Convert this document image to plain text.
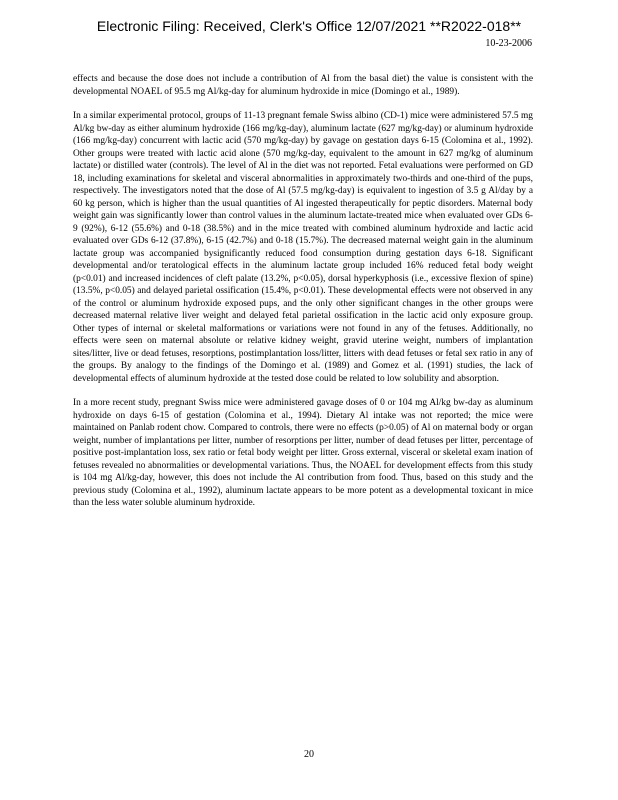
Electronic Filing: Received, Clerk's Office 12/07/2021 **R2022-018**
10-23-2006

effects and because the dose does not include a contribution of Al from the basal diet) the value is consistent with the developmental NOAEL of 95.5 mg Al/kg-day for aluminum hydroxide in mice (Domingo et al., 1989).

In a similar experimental protocol, groups of 11-13 pregnant female Swiss albino (CD-1) mice were administered 57.5 mg Al/kg bw-day as either aluminum hydroxide (166 mg/kg-day), aluminum lactate (627 mg/kg-day) or aluminum hydroxide (166 mg/kg-day) concurrent with lactic acid (570 mg/kg-day) by gavage on gestation days 6-15 (Colomina et al., 1992). Other groups were treated with lactic acid alone (570 mg/kg-day, equivalent to the amount in 627 mg/kg of aluminum lactate) or distilled water (controls). The level of Al in the diet was not reported. Fetal evaluations were performed on GD 18, including examinations for skeletal and visceral abnormalities in approximately two-thirds and one-third of the pups, respectively. The investigators noted that the dose of Al (57.5 mg/kg-day) is equivalent to ingestion of 3.5 g Al/day by a 60 kg person, which is higher than the usual quantities of Al ingested therapeutically for peptic disorders. Maternal body weight gain was significantly lower than control values in the aluminum lactate-treated mice when evaluated over GDs 6-9 (92%), 6-12 (55.6%) and 0-18 (38.5%) and in the mice treated with combined aluminum hydroxide and lactic acid evaluated over GDs 6-12 (37.8%), 6-15 (42.7%) and 0-18 (15.7%). The decreased maternal weight gain in the aluminum lactate group was accompanied bysignificantly reduced food consumption during gestation days 6-18. Significant developmental and/or teratological effects in the aluminum lactate group included 16% reduced fetal body weight (p<0.01) and increased incidences of cleft palate (13.2%, p<0.05), dorsal hyperkyphosis (i.e., excessive flexion of spine) (13.5%, p<0.05) and delayed parietal ossification (15.4%, p<0.01). These developmental effects were not observed in any of the control or aluminum hydroxide exposed pups, and the only other significant changes in the other groups were decreased maternal relative liver weight and delayed fetal parietal ossification in the lactic acid only exposure group. Other types of internal or skeletal malformations or variations were not found in any of the fetuses. Additionally, no effects were seen on maternal absolute or relative kidney weight, gravid uterine weight, numbers of implantation sites/litter, live or dead fetuses, resorptions, postimplantation loss/litter, litters with dead fetuses or fetal sex ratio in any of the groups. By analogy to the findings of the Domingo et al. (1989) and Gomez et al. (1991) studies, the lack of developmental effects of aluminum hydroxide at the tested dose could be related to low solubility and absorption.

In a more recent study, pregnant Swiss mice were administered gavage doses of 0 or 104 mg Al/kg bw-day as aluminum hydroxide on days 6-15 of gestation (Colomina et al., 1994). Dietary Al intake was not reported; the mice were maintained on Panlab rodent chow. Compared to controls, there were no effects (p>0.05) of Al on maternal body or organ weight, number of implantations per litter, number of resorptions per litter, number of dead fetuses per litter, percentage of positive post-implantation loss, sex ratio or fetal body weight per litter. Gross external, visceral or skeletal exam ination of fetuses revealed no abnormalities or developmental variations. Thus, the NOAEL for development effects from this study is 104 mg Al/kg-day, however, this does not include the Al contribution from food. Thus, based on this study and the previous study (Colomina et al., 1992), aluminum lactate appears to be more potent as a developmental toxicant in mice than the less water soluble aluminum hydroxide.

20
